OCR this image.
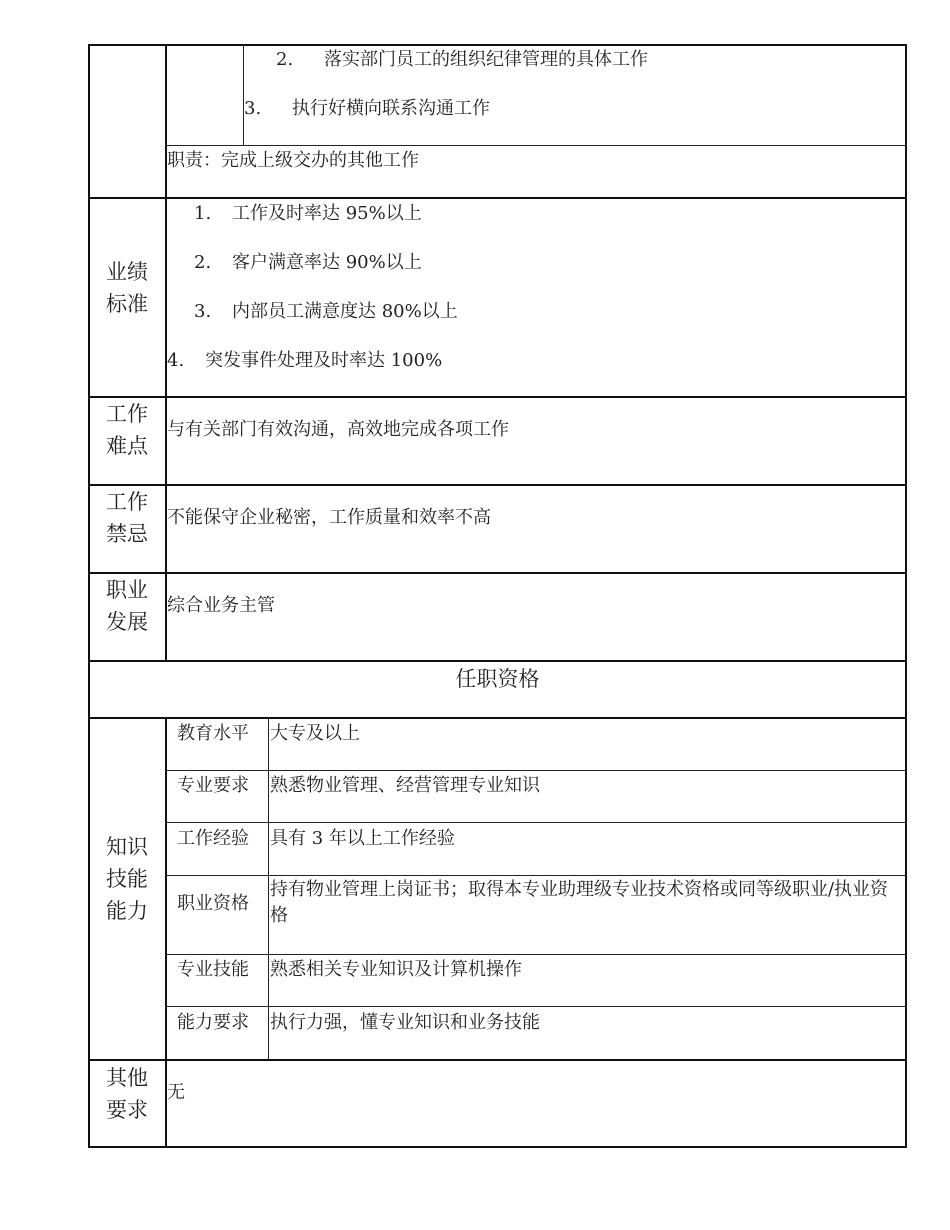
2. 落实部门员工的组织纪律管理的具体工作
3. 执行好横向联系沟通工作
职责：完成上级交办的其他工作
业绩
标准
1. 工作及时率达 95%以上
2. 客户满意率达 90%以上
3. 内部员工满意度达 80%以上
4. 突发事件处理及时率达 100%
工作
难点
与有关部门有效沟通，高效地完成各项工作
工作
禁忌
不能保守企业秘密，工作质量和效率不高
职业
发展
综合业务主管
任职资格
知识
技能
能力
教育水平 大专及以上
专业要求 熟悉物业管理、经营管理专业知识
工作经验 具有 3 年以上工作经验
职业资格
持有物业管理上岗证书；取得本专业助理级专业技术资格或同等级职业/执业资格
专业技能 熟悉相关专业知识及计算机操作
能力要求 执行力强，懂专业知识和业务技能
其他
要求
无
